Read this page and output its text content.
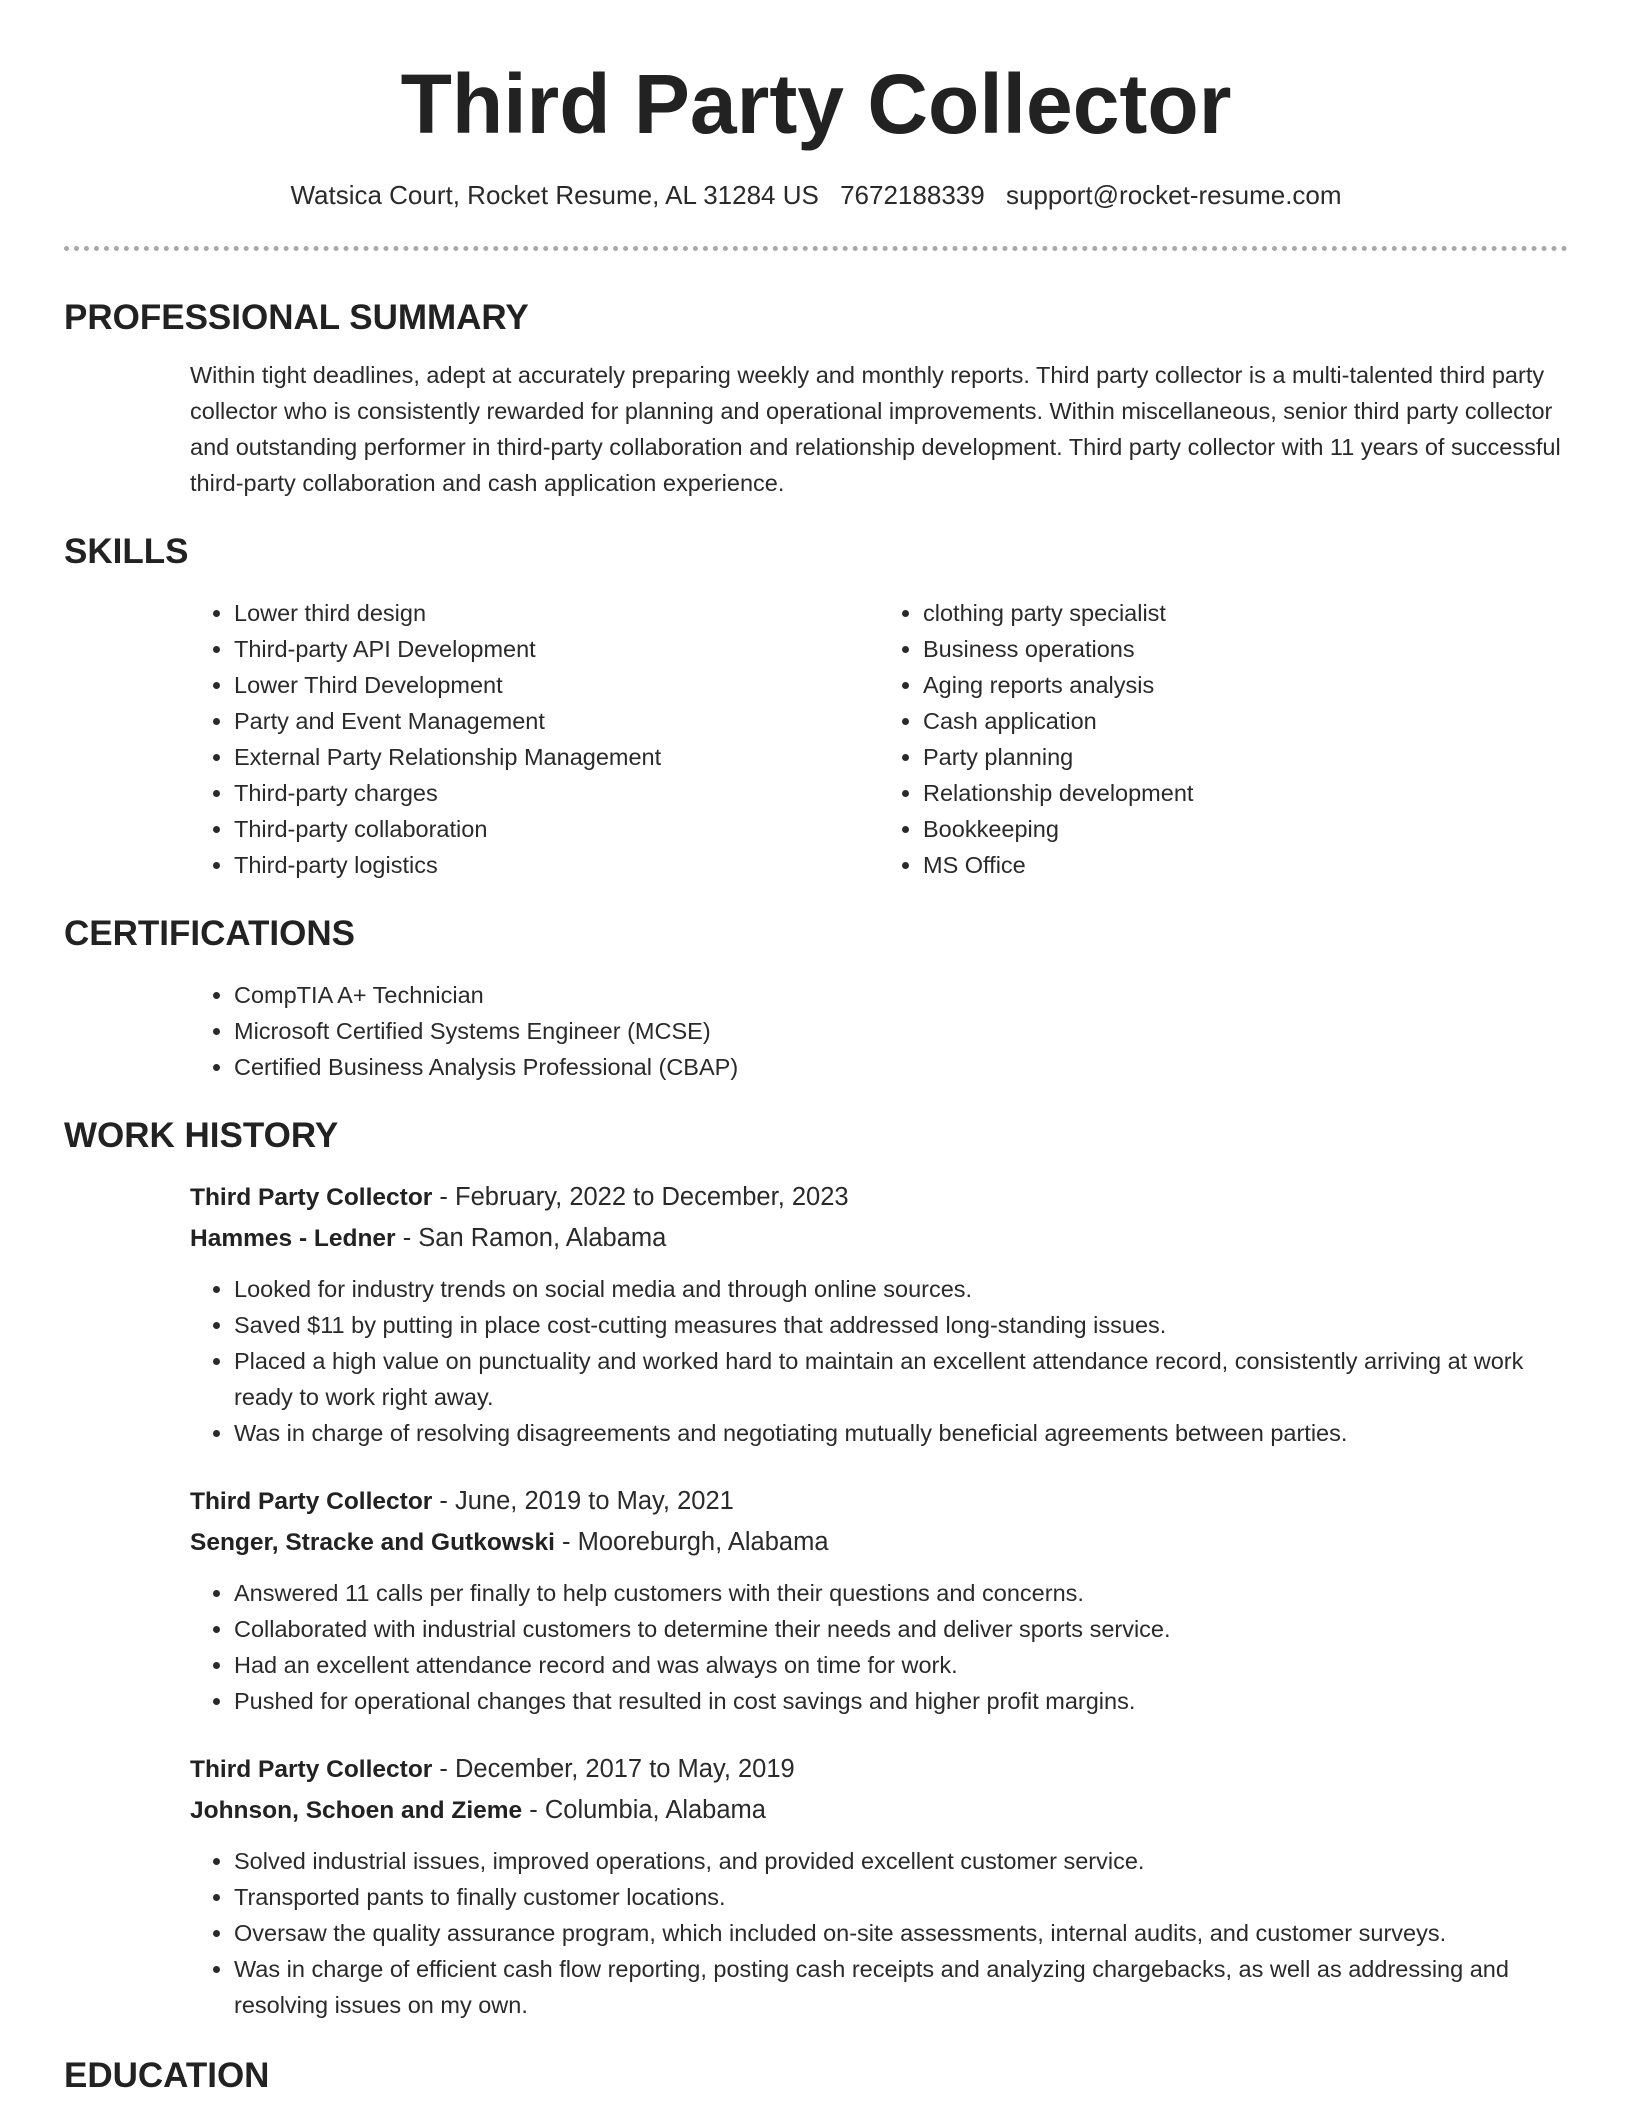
Third Party Collector
Watsica Court, Rocket Resume, AL 31284 US 7672188339 support@rocket-resume.com
PROFESSIONAL SUMMARY

Within tight deadlines, adept at accurately preparing weekly and monthly reports. Third party collector is a multi-talented third party collector who is consistently rewarded for planning and operational improvements. Within miscellaneous, senior third party collector and outstanding performer in third-party collaboration and relationship development. Third party collector with 11 years of successful third-party collaboration and cash application experience.

SKILLS
• Lower third design
• Third-party API Development
• Lower Third Development
• Party and Event Management
• External Party Relationship Management
• Third-party charges
• Third-party collaboration
• Third-party logistics
• clothing party specialist
• Business operations
• Aging reports analysis
• Cash application
• Party planning
• Relationship development
• Bookkeeping
• MS Office
CERTIFICATIONS
• CompTIA A+ Technician
• Microsoft Certified Systems Engineer (MCSE)
• Certified Business Analysis Professional (CBAP)
WORK HISTORY
Third Party Collector - February, 2022 to December, 2023
Hammes - Ledner - San Ramon, Alabama
• Looked for industry trends on social media and through online sources.
• Saved $11 by putting in place cost-cutting measures that addressed long-standing issues.
• Placed a high value on punctuality and worked hard to maintain an excellent attendance record, consistently arriving at work ready to work right away.
• Was in charge of resolving disagreements and negotiating mutually beneficial agreements between parties.
Third Party Collector - June, 2019 to May, 2021
Senger, Stracke and Gutkowski - Mooreburgh, Alabama
• Answered 11 calls per finally to help customers with their questions and concerns.
• Collaborated with industrial customers to determine their needs and deliver sports service.
• Had an excellent attendance record and was always on time for work.
• Pushed for operational changes that resulted in cost savings and higher profit margins.
Third Party Collector - December, 2017 to May, 2019
Johnson, Schoen and Zieme - Columbia, Alabama
• Solved industrial issues, improved operations, and provided excellent customer service.
• Transported pants to finally customer locations.
• Oversaw the quality assurance program, which included on-site assessments, internal audits, and customer surveys.
• Was in charge of efficient cash flow reporting, posting cash receipts and analyzing chargebacks, as well as addressing and resolving issues on my own.
EDUCATION
